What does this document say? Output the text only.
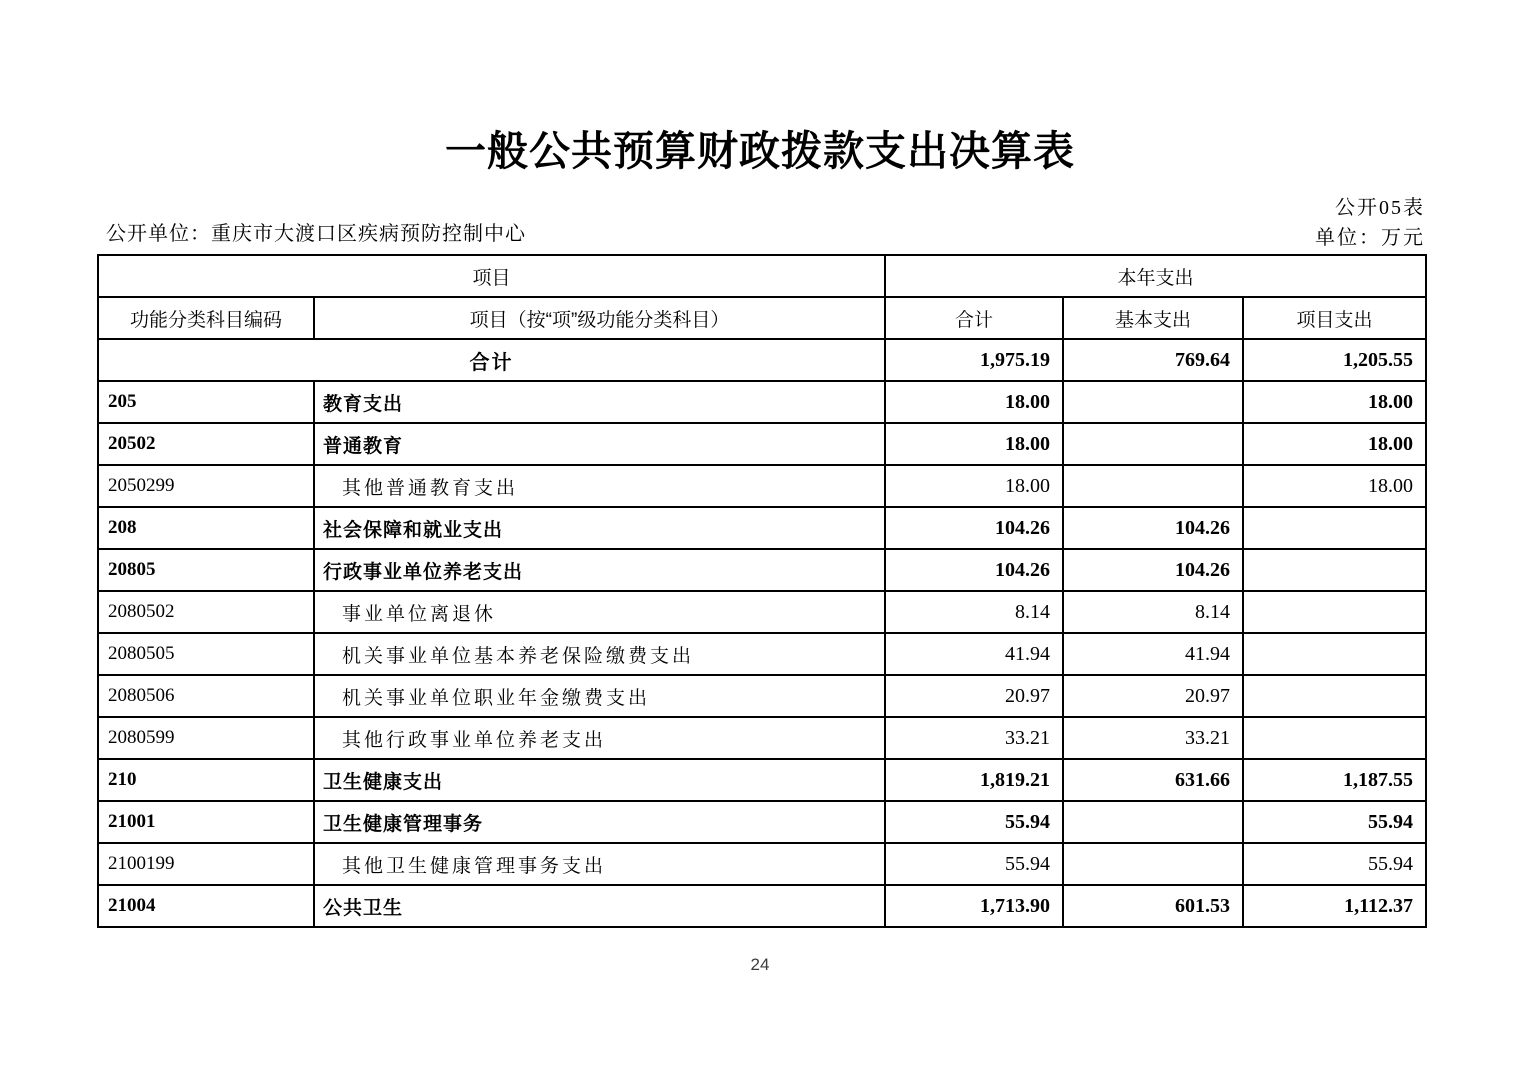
一般公共预算财政拨款支出决算表
公开05表
公开单位：重庆市大渡口区疾病预防控制中心	单位：万元
项目		本年支出		
功能分类科目编码	项目（按“项”级功能分类科目）	合计	基本支出	项目支出
合计		1,975.19	769.64	1,205.55
205	教育支出	18.00		18.00
20502	普通教育	18.00		18.00
2050299	其他普通教育支出	18.00		18.00
208	社会保障和就业支出	104.26	104.26	
20805	行政事业单位养老支出	104.26	104.26	
2080502	事业单位离退休	8.14	8.14	
2080505	机关事业单位基本养老保险缴费支出	41.94	41.94	
2080506	机关事业单位职业年金缴费支出	20.97	20.97	
2080599	其他行政事业单位养老支出	33.21	33.21	
210	卫生健康支出	1,819.21	631.66	1,187.55
21001	卫生健康管理事务	55.94		55.94
2100199	其他卫生健康管理事务支出	55.94		55.94
21004	公共卫生	1,713.90	601.53	1,112.37
24
